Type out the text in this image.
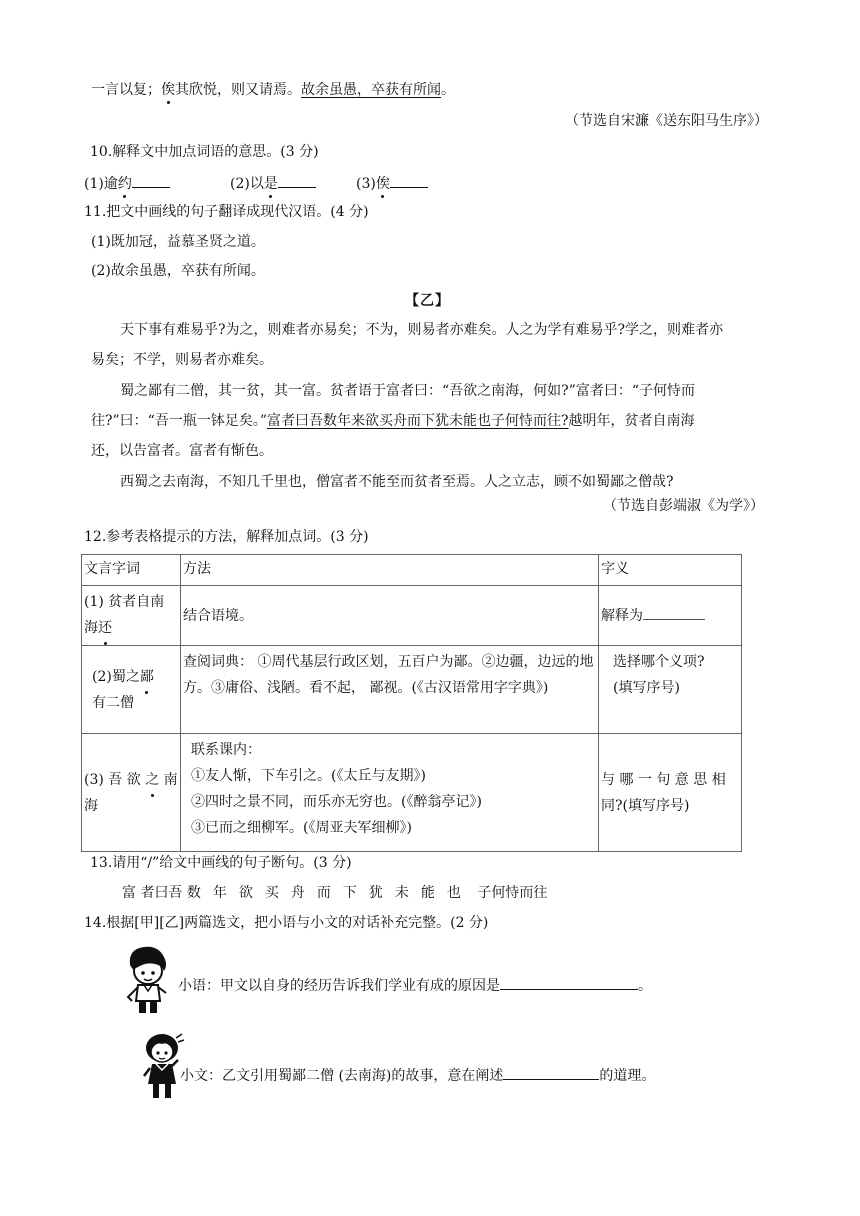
一言以复；俟其欣悦，则又请焉。故余虽愚，卒获有所闻。
（节选自宋濂《送东阳马生序》）
10.解释文中加点词语的意思。(3 分)
(1)逾约	(2)以是	(3)俟
11.把文中画线的句子翻译成现代汉语。(4 分)
(1)既加冠，益慕圣贤之道。
(2)故余虽愚，卒获有所闻。
【乙】
天下事有难易乎?为之，则难者亦易矣；不为，则易者亦难矣。人之为学有难易乎?学之，则难者亦
易矣；不学，则易者亦难矣。
蜀之鄙有二僧，其一贫，其一富。贫者语于富者曰：“吾欲之南海，何如?”富者曰：“子何恃而
往?”曰：“吾一瓶一钵足矣。”富者曰吾数年来欲买舟而下犹未能也子何恃而往?越明年，贫者自南海
还，以告富者。富者有惭色。
西蜀之去南海，不知几千里也，僧富者不能至而贫者至焉。人之立志，顾不如蜀鄙之僧哉?
（节选自彭端淑《为学》）
12.参考表格提示的方法，解释加点词。(3 分)
文言字词	方法	字义
(1) 贫者自南
海还	结合语境。	解释为
(2)蜀之鄙
有二僧	查阅词典： ①周代基层行政区划，五百户为鄙。②边疆，边远的地方。③庸俗、浅陋。看不起， 鄙视。(《古汉语常用字字典》)	选择哪个义项?
(填写序号)
(3) 吾 欲 之 南
海	联系课内：
①友人惭，下车引之。(《太丘与友期》)
②四时之景不同，而乐亦无穷也。(《醉翁亭记》)
③已而之细柳军。(《周亚夫军细柳》)	与 哪 一 句 意 思 相
同?(填写序号)
13.请用“/”给文中画线的句子断句。(3 分)
富 者曰吾 数年欲买舟而下犹未能也 子何恃而往
14.根据[甲][乙]两篇选文，把小语与小文的对话补充完整。(2 分)
小语：甲文以自身的经历告诉我们学业有成的原因是	。
小文：乙文引用蜀鄙二僧 (去南海)的故事，意在阐述	的道理。
